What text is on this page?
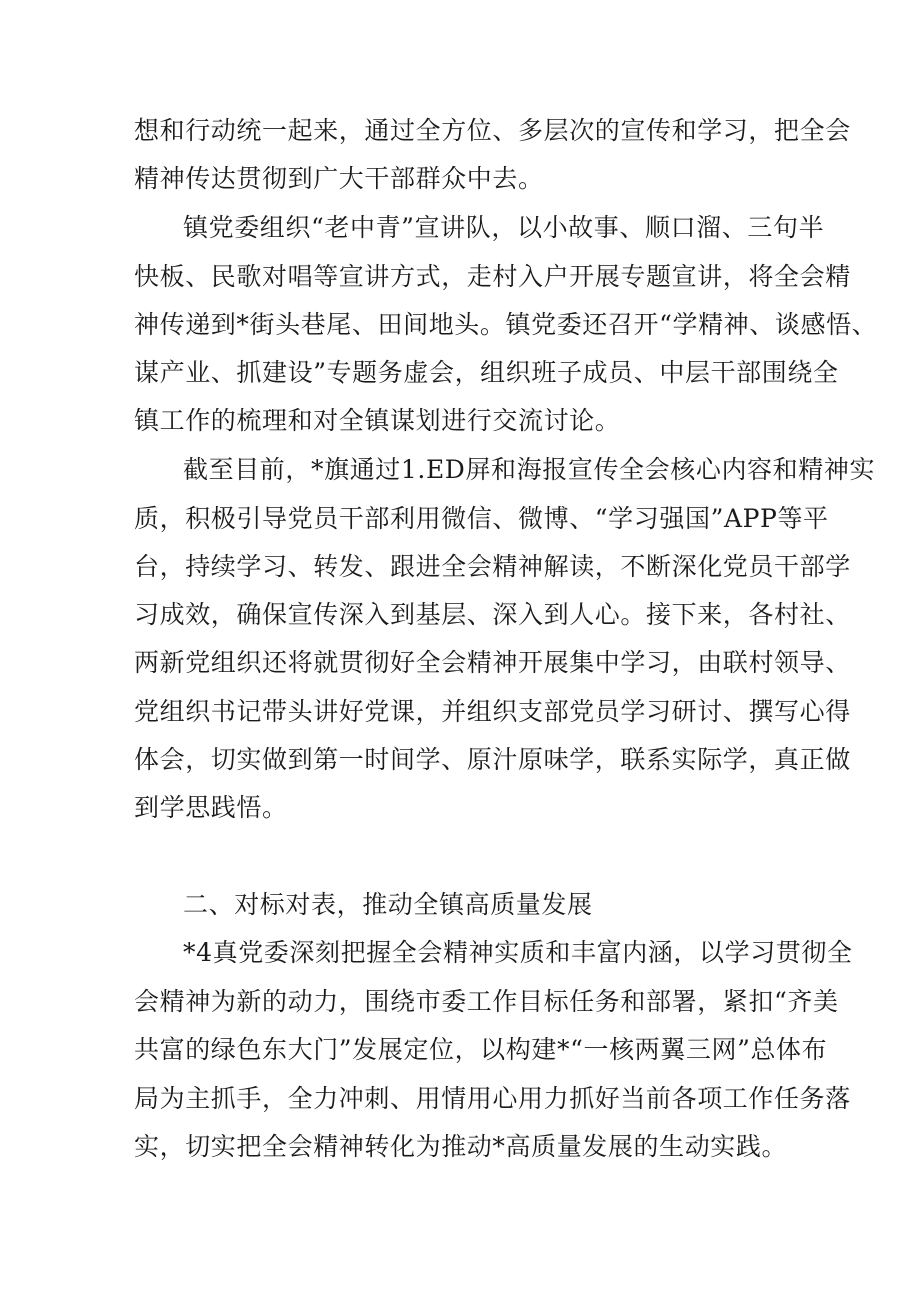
想和行动统一起来，通过全方位、多层次的宣传和学习，把全会
精神传达贯彻到广大干部群众中去。
镇党委组织“老中青”宣讲队，以小故事、顺口溜、三句半
快板、民歌对唱等宣讲方式，走村入户开展专题宣讲，将全会精
神传递到*街头巷尾、田间地头。镇党委还召开“学精神、谈感悟、
谋产业、抓建设”专题务虚会，组织班子成员、中层干部围绕全
镇工作的梳理和对全镇谋划进行交流讨论。
截至目前，*旗通过1.ED屏和海报宣传全会核心内容和精神实
质，积极引导党员干部利用微信、微博、“学习强国”APP等平
台，持续学习、转发、跟进全会精神解读，不断深化党员干部学
习成效，确保宣传深入到基层、深入到人心。接下来，各村社、
两新党组织还将就贯彻好全会精神开展集中学习，由联村领导、
党组织书记带头讲好党课，并组织支部党员学习研讨、撰写心得
体会，切实做到第一时间学、原汁原味学，联系实际学，真正做
到学思践悟。
二、对标对表，推动全镇高质量发展
*4真党委深刻把握全会精神实质和丰富内涵，以学习贯彻全
会精神为新的动力，围绕市委工作目标任务和部署，紧扣“齐美
共富的绿色东大门”发展定位，以构建*“一核两翼三网”总体布
局为主抓手，全力冲刺、用情用心用力抓好当前各项工作任务落
实，切实把全会精神转化为推动*高质量发展的生动实践。
